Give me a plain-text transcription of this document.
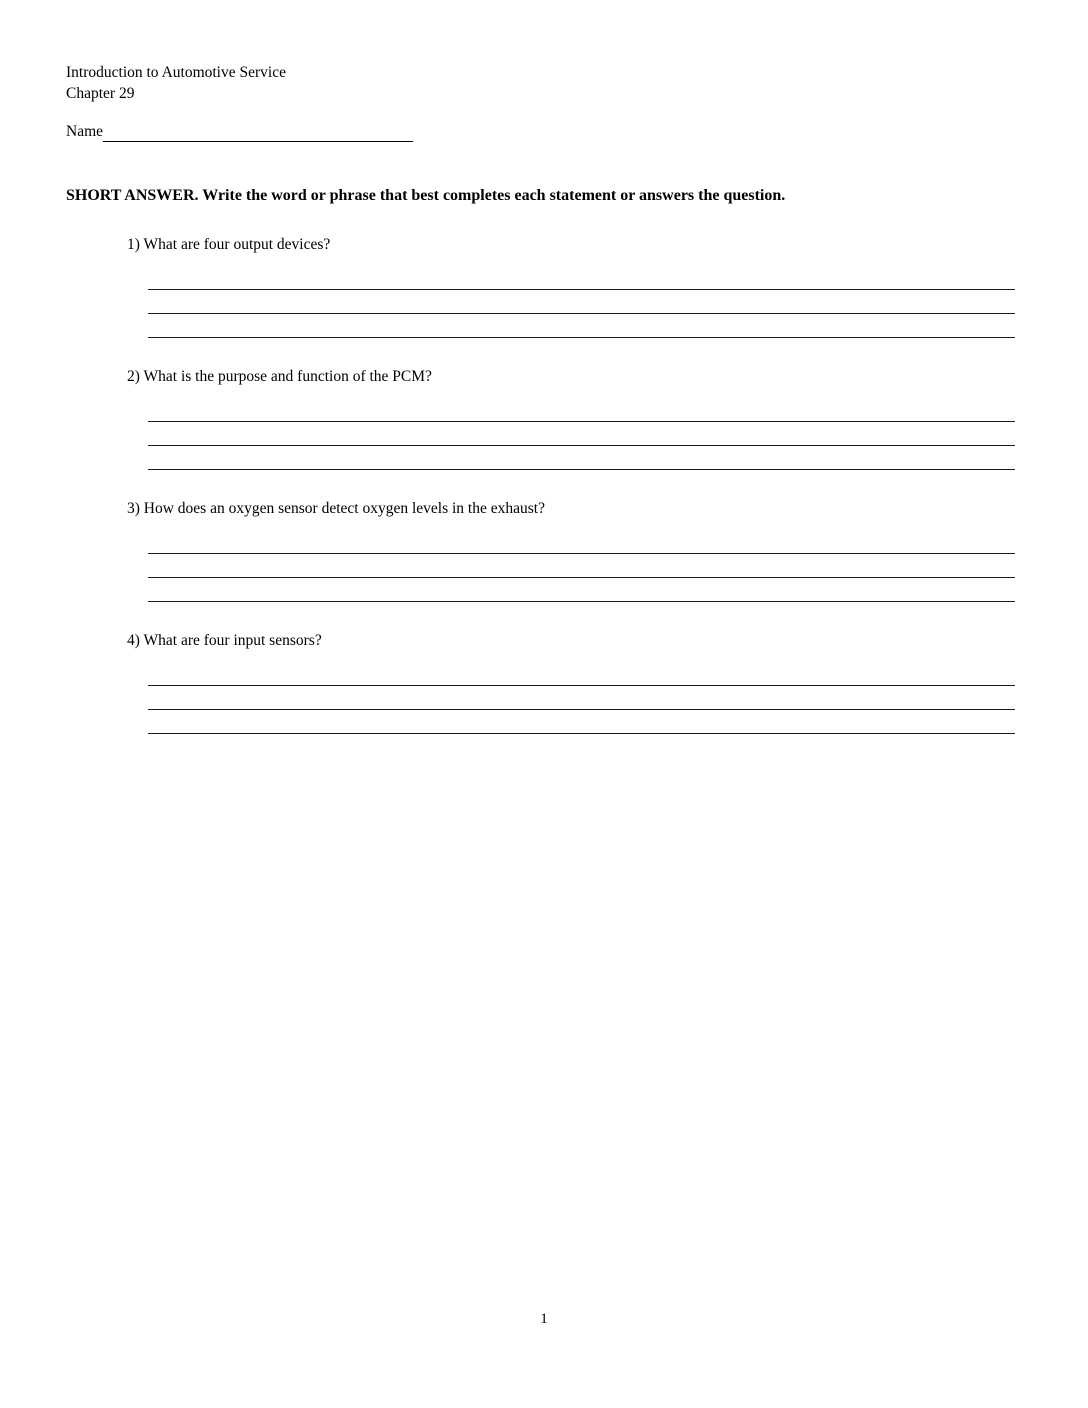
Introduction to Automotive Service
Chapter 29
Name
SHORT ANSWER. Write the word or phrase that best completes each statement or answers the question.
1) What are four output devices?
2) What is the purpose and function of the PCM?
3) How does an oxygen sensor detect oxygen levels in the exhaust?
4) What are four input sensors?
1
